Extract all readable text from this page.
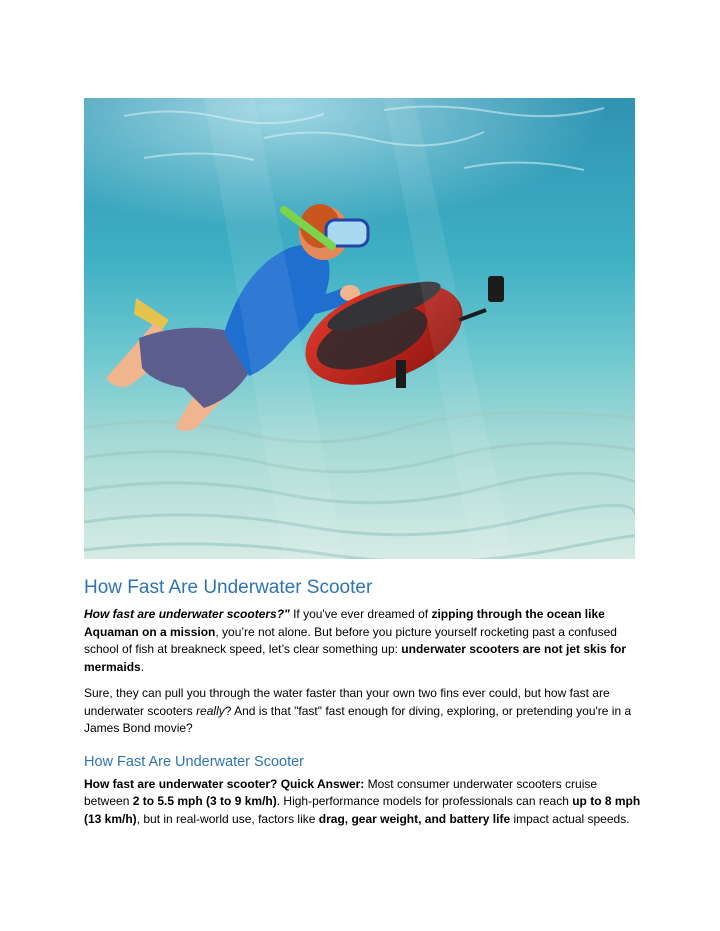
How Fast Are Underwater Scooter

How fast are underwater scooters?" If you've ever dreamed of zipping through the ocean like Aquaman on a mission, you’re not alone. But before you picture yourself rocketing past a confused school of fish at breakneck speed, let’s clear something up: underwater scooters are not jet skis for mermaids.

Sure, they can pull you through the water faster than your own two fins ever could, but how fast are underwater scooters really? And is that "fast" fast enough for diving, exploring, or pretending you're in a James Bond movie?

How Fast Are Underwater Scooter

How fast are underwater scooter? Quick Answer: Most consumer underwater scooters cruise between 2 to 5.5 mph (3 to 9 km/h). High-performance models for professionals can reach up to 8 mph (13 km/h), but in real-world use, factors like drag, gear weight, and battery life impact actual speeds.
